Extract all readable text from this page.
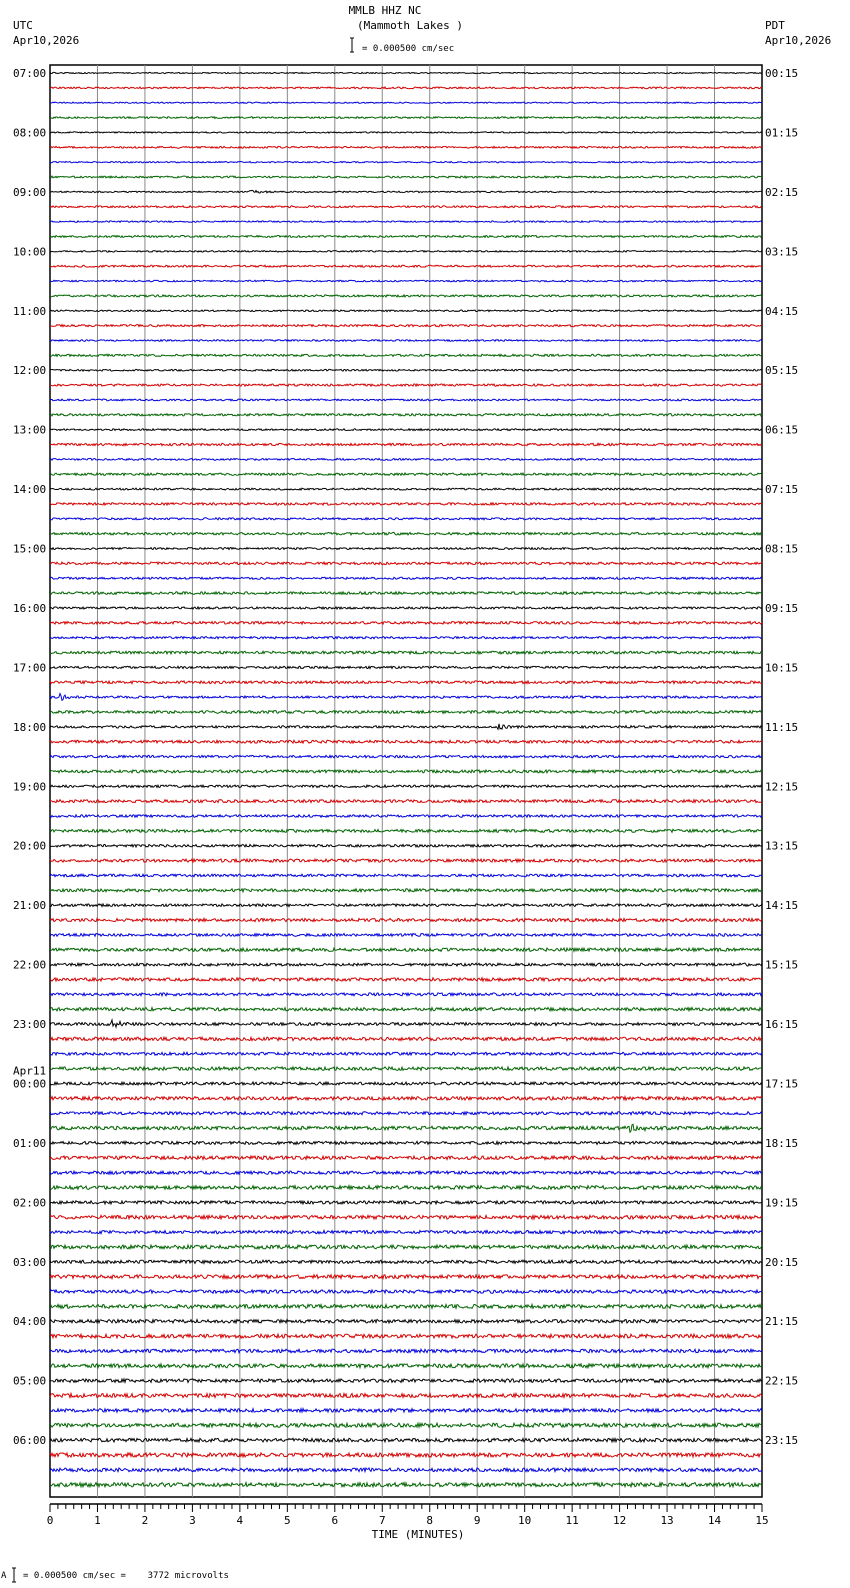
MMLB HHZ NC
(Mammoth Lakes )
UTC
Apr10,2026
PDT
Apr10,2026
= 0.000500 cm/sec
07:00
08:00
09:00
10:00
11:00
12:00
13:00
14:00
15:00
16:00
17:00
18:00
19:00
20:00
21:00
22:00
23:00
00:00
Apr11
01:00
02:00
03:00
04:00
05:00
06:00
00:15
01:15
02:15
03:15
04:15
05:15
06:15
07:15
08:15
09:15
10:15
11:15
12:15
13:15
14:15
15:15
16:15
17:15
18:15
19:15
20:15
21:15
22:15
23:15
0	1	2	3	4	5	6	7	8	9	10	11	12	13	14	15
TIME (MINUTES)
A = 0.000500 cm/sec =    3772 microvolts
